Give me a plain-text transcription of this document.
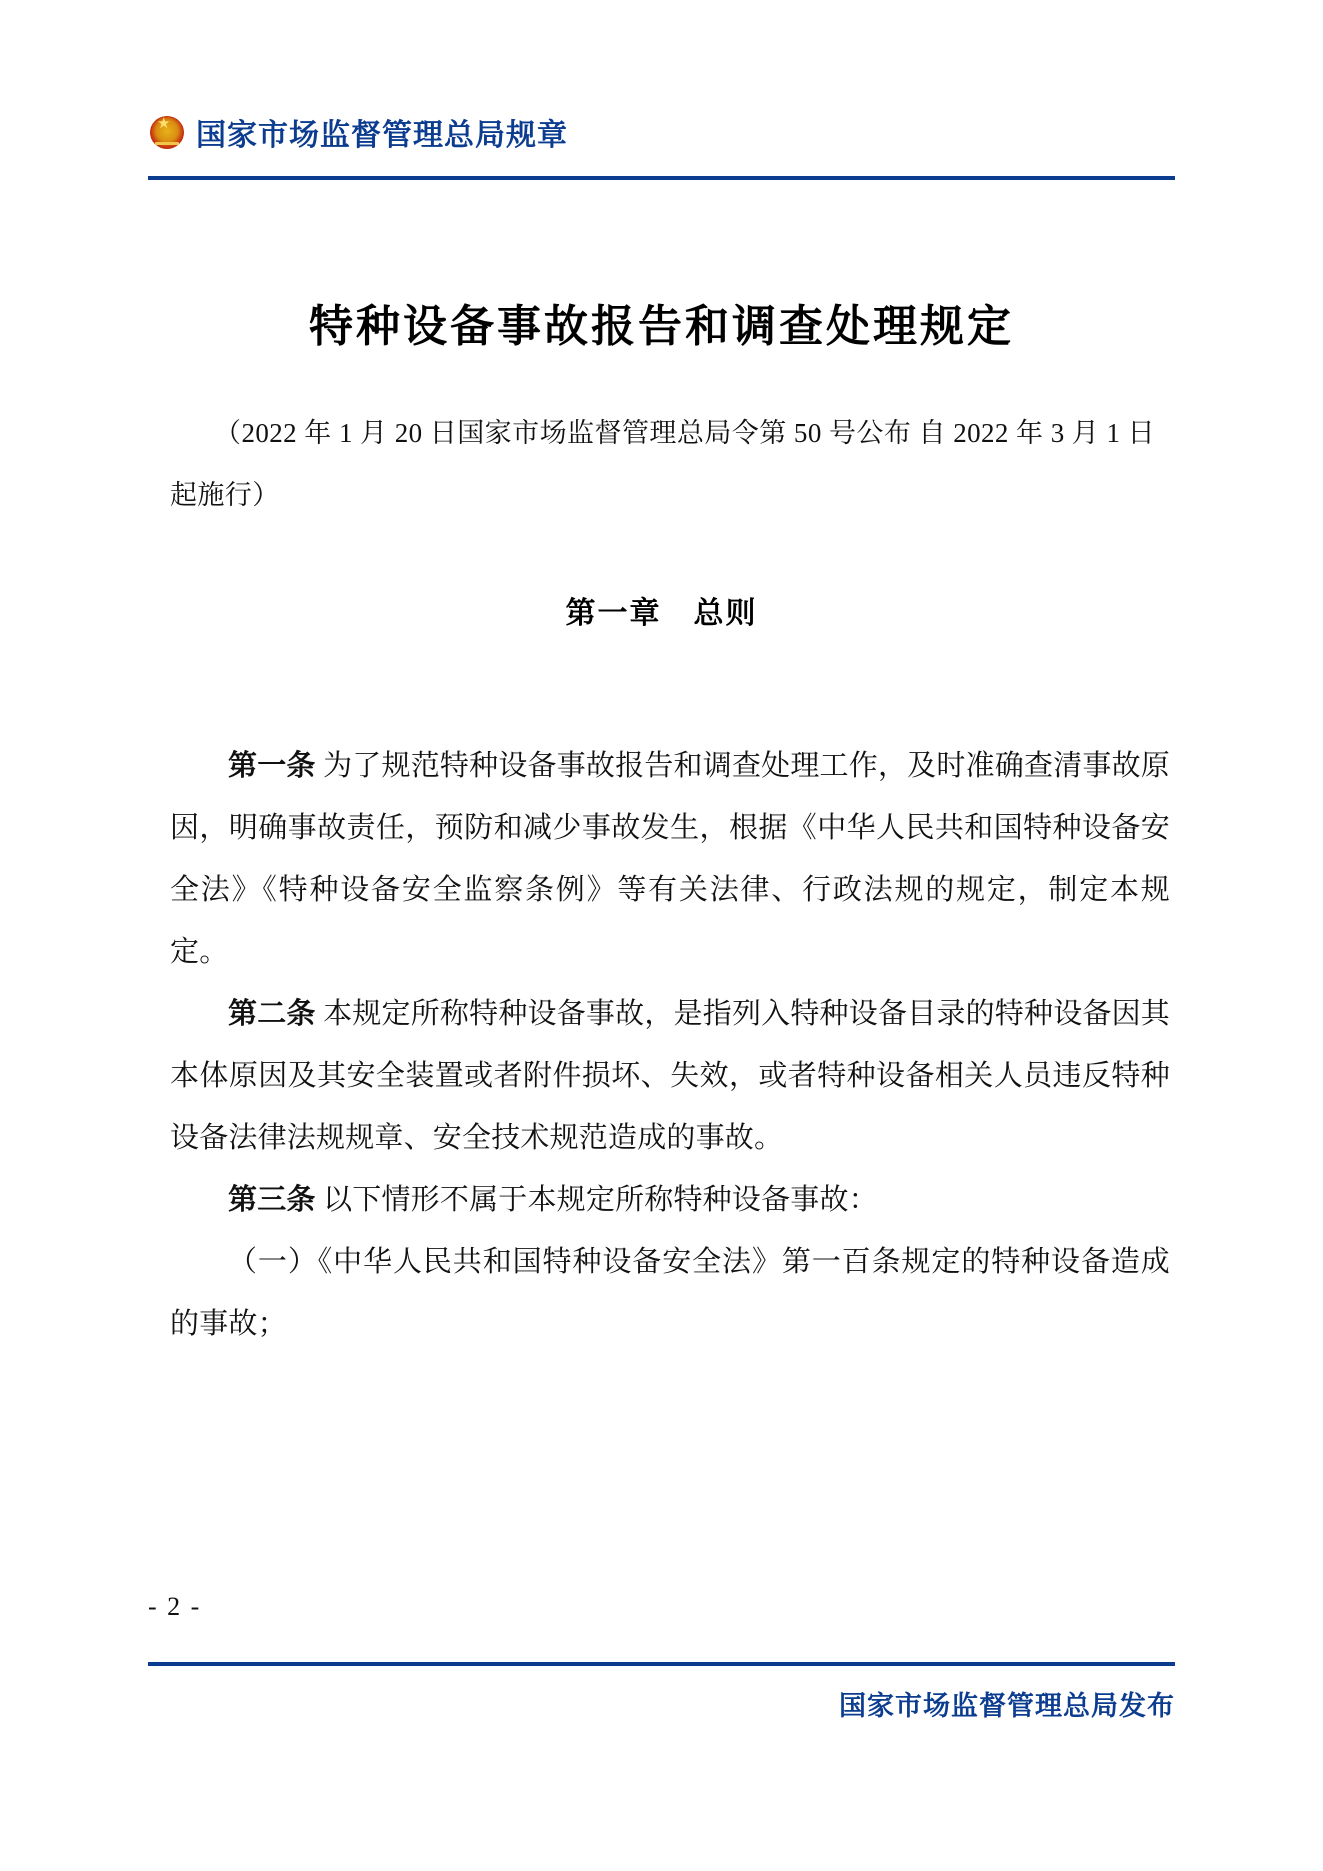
国家市场监督管理总局规章
特种设备事故报告和调查处理规定
（2022 年 1 月 20 日国家市场监督管理总局令第 50 号公布 自 2022 年 3 月 1 日起施行）
第一章　总则

第一条 为了规范特种设备事故报告和调查处理工作，及时准确查清事故原因，明确事故责任，预防和减少事故发生，根据《中华人民共和国特种设备安全法》《特种设备安全监察条例》等有关法律、行政法规的规定，制定本规定。

第二条 本规定所称特种设备事故，是指列入特种设备目录的特种设备因其本体原因及其安全装置或者附件损坏、失效，或者特种设备相关人员违反特种设备法律法规规章、安全技术规范造成的事故。

第三条 以下情形不属于本规定所称特种设备事故：

（一）《中华人民共和国特种设备安全法》第一百条规定的特种设备造成的事故；

- 2 -
国家市场监督管理总局发布
